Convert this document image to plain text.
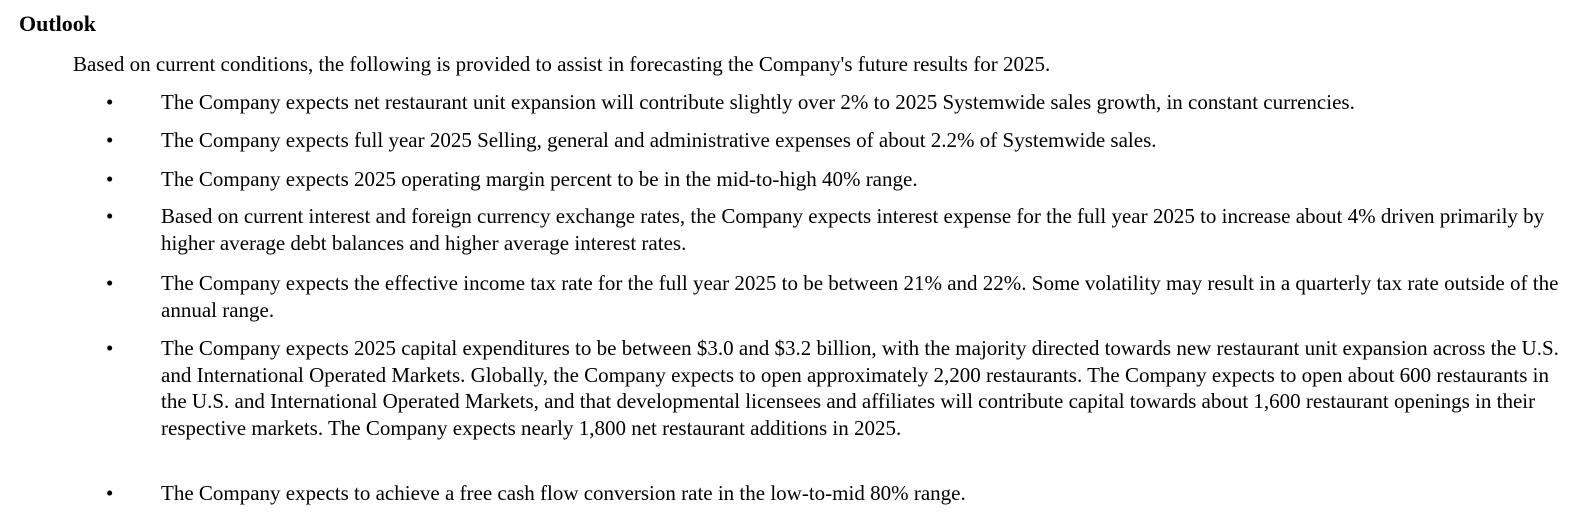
Outlook
Based on current conditions, the following is provided to assist in forecasting the Company's future results for 2025.
• The Company expects net restaurant unit expansion will contribute slightly over 2% to 2025 Systemwide sales growth, in constant currencies.
• The Company expects full year 2025 Selling, general and administrative expenses of about 2.2% of Systemwide sales.
• The Company expects 2025 operating margin percent to be in the mid-to-high 40% range.
• Based on current interest and foreign currency exchange rates, the Company expects interest expense for the full year 2025 to increase about 4% driven primarily by higher average debt balances and higher average interest rates.
• The Company expects the effective income tax rate for the full year 2025 to be between 21% and 22%. Some volatility may result in a quarterly tax rate outside of the annual range.
• The Company expects 2025 capital expenditures to be between $3.0 and $3.2 billion, with the majority directed towards new restaurant unit expansion across the U.S. and International Operated Markets. Globally, the Company expects to open approximately 2,200 restaurants. The Company expects to open about 600 restaurants in the U.S. and International Operated Markets, and that developmental licensees and affiliates will contribute capital towards about 1,600 restaurant openings in their respective markets. The Company expects nearly 1,800 net restaurant additions in 2025.
• The Company expects to achieve a free cash flow conversion rate in the low-to-mid 80% range.
